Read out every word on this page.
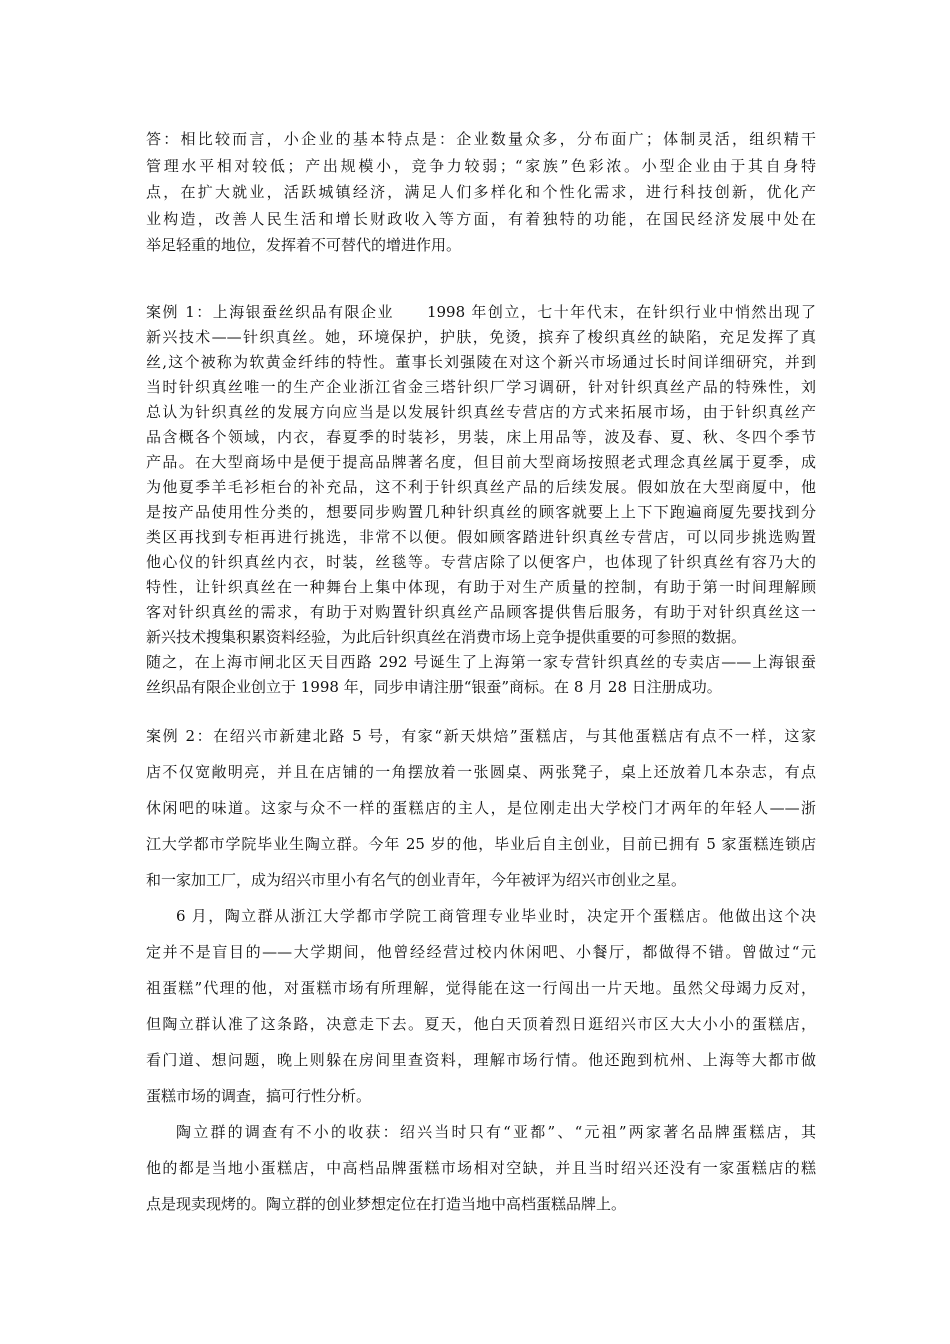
答：相比较而言，小企业的基本特点是：企业数量众多，分布面广；体制灵活，组织精干
管理水平相对较低；产出规模小，竞争力较弱；“家族”色彩浓。小型企业由于其自身特
点，在扩大就业，活跃城镇经济，满足人们多样化和个性化需求，进行科技创新，优化产
业构造，改善人民生活和增长财政收入等方面，有着独特的功能，在国民经济发展中处在
举足轻重的地位，发挥着不可替代的增进作用。
案例 1：上海银蚕丝织品有限企业　　1998 年创立，七十年代末，在针织行业中悄然出现了
新兴技术——针织真丝。她，环境保护，护肤，免烫，摈弃了梭织真丝的缺陷，充足发挥了真
丝,这个被称为软黄金纤纬的特性。董事长刘强陵在对这个新兴市场通过长时间详细研究，并到
当时针织真丝唯一的生产企业浙江省金三塔针织厂学习调研，针对针织真丝产品的特殊性，刘
总认为针织真丝的发展方向应当是以发展针织真丝专营店的方式来拓展市场，由于针织真丝产
品含概各个领域，内衣，春夏季的时装衫，男装，床上用品等，波及春、夏、秋、冬四个季节
产品。在大型商场中是便于提高品牌著名度，但目前大型商场按照老式理念真丝属于夏季，成
为他夏季羊毛衫柜台的补充品，这不利于针织真丝产品的后续发展。假如放在大型商厦中，他
是按产品使用性分类的，想要同步购置几种针织真丝的顾客就要上上下下跑遍商厦先要找到分
类区再找到专柜再进行挑选，非常不以便。假如顾客踏进针织真丝专营店，可以同步挑选购置
他心仪的针织真丝内衣，时装，丝毯等。专营店除了以便客户，也体现了针织真丝有容乃大的
特性，让针织真丝在一种舞台上集中体现，有助于对生产质量的控制，有助于第一时间理解顾
客对针织真丝的需求，有助于对购置针织真丝产品顾客提供售后服务，有助于对针织真丝这一
新兴技术搜集积累资料经验，为此后针织真丝在消费市场上竞争提供重要的可参照的数据。
随之，在上海市闸北区天目西路 292 号诞生了上海第一家专营针织真丝的专卖店——上海银蚕
丝织品有限企业创立于 1998 年，同步申请注册“银蚕”商标。在 8 月 28 日注册成功。
案例 2：在绍兴市新建北路 5 号，有家“新天烘焙”蛋糕店，与其他蛋糕店有点不一样，这家
店不仅宽敞明亮，并且在店铺的一角摆放着一张圆桌、两张凳子，桌上还放着几本杂志，有点
休闲吧的味道。这家与众不一样的蛋糕店的主人，是位刚走出大学校门才两年的年轻人——浙
江大学都市学院毕业生陶立群。今年 25 岁的他，毕业后自主创业，目前已拥有 5 家蛋糕连锁店
和一家加工厂，成为绍兴市里小有名气的创业青年，今年被评为绍兴市创业之星。
6 月，陶立群从浙江大学都市学院工商管理专业毕业时，决定开个蛋糕店。他做出这个决
定并不是盲目的——大学期间，他曾经经营过校内休闲吧、小餐厅，都做得不错。曾做过“元
祖蛋糕”代理的他，对蛋糕市场有所理解，觉得能在这一行闯出一片天地。虽然父母竭力反对，
但陶立群认准了这条路，决意走下去。夏天，他白天顶着烈日逛绍兴市区大大小小的蛋糕店，
看门道、想问题，晚上则躲在房间里查资料，理解市场行情。他还跑到杭州、上海等大都市做
蛋糕市场的调查，搞可行性分析。
陶立群的调查有不小的收获：绍兴当时只有“亚都”、“元祖”两家著名品牌蛋糕店，其
他的都是当地小蛋糕店，中高档品牌蛋糕市场相对空缺，并且当时绍兴还没有一家蛋糕店的糕
点是现卖现烤的。陶立群的创业梦想定位在打造当地中高档蛋糕品牌上。
